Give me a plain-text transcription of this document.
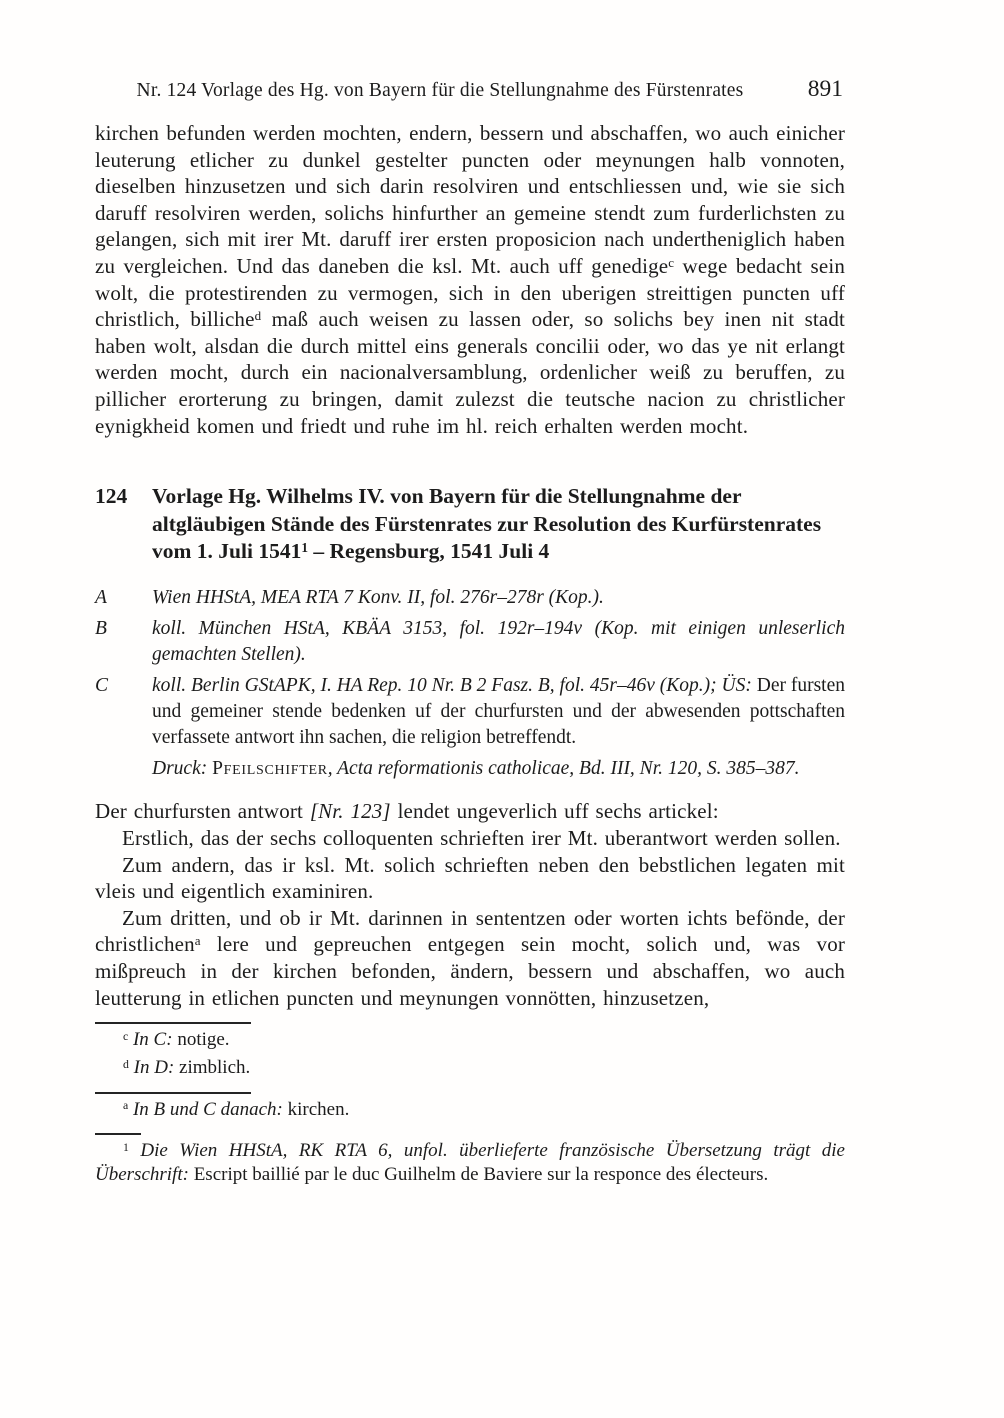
Nr. 124 Vorlage des Hg. von Bayern für die Stellungnahme des Fürstenrates	891

kirchen befunden werden mochten, endern, bessern und abschaffen, wo auch einicher leuterung etlicher zu dunkel gestelter puncten oder meynungen halb vonnoten, dieselben hinzusetzen und sich darin resolviren und entschliessen und, wie sie sich daruff resolviren werden, solichs hinfurther an gemeine stendt zum furderlichsten zu gelangen, sich mit irer Mt. daruff irer ersten proposicion nach undertheniglich haben zu vergleichen. Und das daneben die ksl. Mt. auch uff genedige$^c$ wege bedacht sein wolt, die protestirenden zu vermogen, sich in den uberigen streittigen puncten uff christlich, billiche$^d$ maß auch weisen zu lassen oder, so solichs bey inen nit stadt haben wolt, alsdan die durch mittel eins generals concilii oder, wo das ye nit erlangt werden mocht, durch ein nacionalversamblung, ordenlicher weiß zu beruffen, zu pillicher erorterung zu bringen, damit zulezst die teutsche nacion zu christlicher eynigkheid komen und friedt und ruhe im hl. reich erhalten werden mocht.

124	Vorlage Hg. Wilhelms IV. von Bayern für die Stellungnahme der altgläubigen Stände des Fürstenrates zur Resolution des Kurfürstenrates vom 1. Juli 1541$^1$ – Regensburg, 1541 Juli 4
A	Wien HHStA, MEA RTA 7 Konv. II, fol. 276r–278r (Kop.).

B	koll. München HStA, KBÄA 3153, fol. 192r–194v (Kop. mit einigen unleserlich gemachten Stellen).

C	koll. Berlin GStAPK, I. HA Rep. 10 Nr. B 2 Fasz. B, fol. 45r–46v (Kop.); ÜS: Der fursten und gemeiner stende bedenken uf der churfursten und der abwesenden pottschaften verfassete antwort ihn sachen, die religion betreffendt.

Druck: Pfeilschifter, Acta reformationis catholicae, Bd. III, Nr. 120, S. 385–387.

Der churfursten antwort [Nr. 123] lendet ungeverlich uff sechs artickel:

Erstlich, das der sechs colloquenten schrieften irer Mt. uberantwort werden sollen.

Zum andern, das ir ksl. Mt. solich schrieften neben den bebstlichen legaten mit vleis und eigentlich examiniren.

Zum dritten, und ob ir Mt. darinnen in sententzen oder worten ichts befönde, der christlichen$^a$ lere und gepreuchen entgegen sein mocht, solich und, was vor mißpreuch in der kirchen befonden, ändern, bessern und abschaffen, wo auch leutterung in etlichen puncten und meynungen vonnötten, hinzusetzen,

$^c$ In C: notige.

$^d$ In D: zimblich.

$^a$ In B und C danach: kirchen.

$^1$ Die Wien HHStA, RK RTA 6, unfol. überlieferte französische Übersetzung trägt die Überschrift: Escript baillié par le duc Guilhelm de Baviere sur la responce des électeurs.
